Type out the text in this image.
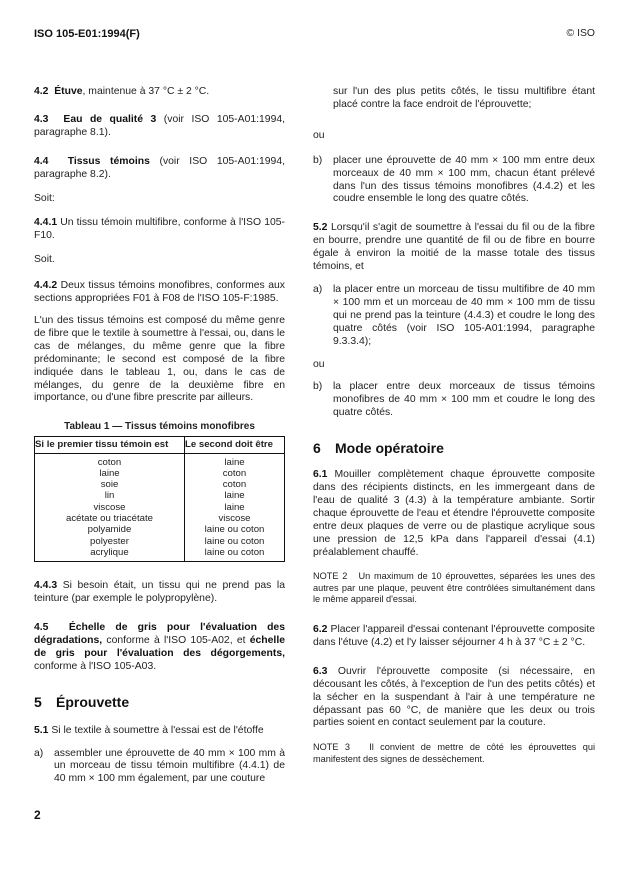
ISO 105-E01:1994(F)	© ISO
4.2 Étuve, maintenue à 37 °C ± 2 °C.
4.3 Eau de qualité 3 (voir ISO 105-A01:1994, paragraphe 8.1).
4.4 Tissus témoins (voir ISO 105-A01:1994, paragraphe 8.2).
Soit:
4.4.1 Un tissu témoin multifibre, conforme à l'ISO 105-F10.
Soit.
4.4.2 Deux tissus témoins monofibres, conformes aux sections appropriées F01 à F08 de l'ISO 105-F:1985.
L'un des tissus témoins est composé du même genre de fibre que le textile à soumettre à l'essai, ou, dans le cas de mélanges, du même genre que la fibre prédominante; le second est composé de la fibre indiquée dans le tableau 1, ou, dans le cas de mélanges, du genre de la deuxième fibre en importance, ou d'une fibre prescrite par ailleurs.
Tableau 1 — Tissus témoins monofibres
Si le premier tissu témoin est	Le second doit être
coton	laine
laine	coton
soie	coton
lin	laine
viscose	laine
acétate ou triacétate	viscose
polyamide	laine ou coton
polyester	laine ou coton
acrylique	laine ou coton
4.4.3 Si besoin était, un tissu qui ne prend pas la teinture (par exemple le polypropylène).
4.5 Échelle de gris pour l'évaluation des dégradations, conforme à l'ISO 105-A02, et échelle de gris pour l'évaluation des dégorgements, conforme à l'ISO 105-A03.
5 Éprouvette
5.1 Si le textile à soumettre à l'essai est de l'étoffe
a) assembler une éprouvette de 40 mm × 100 mm à un morceau de tissu témoin multifibre (4.4.1) de 40 mm × 100 mm également, par une couture
2
sur l'un des plus petits côtés, le tissu multifibre étant placé contre la face endroit de l'éprouvette;
ou
b) placer une éprouvette de 40 mm × 100 mm entre deux morceaux de 40 mm × 100 mm, chacun étant prélevé dans l'un des tissus témoins monofibres (4.4.2) et les coudre ensemble le long des quatre côtés.
5.2 Lorsqu'il s'agit de soumettre à l'essai du fil ou de la fibre en bourre, prendre une quantité de fil ou de fibre en bourre égale à environ la moitié de la masse totale des tissus témoins, et
a) la placer entre un morceau de tissu multifibre de 40 mm × 100 mm et un morceau de 40 mm × 100 mm de tissu qui ne prend pas la teinture (4.4.3) et coudre le long des quatre côtés (voir ISO 105-A01:1994, paragraphe 9.3.3.4);
ou
b) la placer entre deux morceaux de tissus témoins monofibres de 40 mm × 100 mm et coudre le long des quatre côtés.
6 Mode opératoire
6.1 Mouiller complètement chaque éprouvette composite dans des récipients distincts, en les immergeant dans de l'eau de qualité 3 (4.3) à la température ambiante. Sortir chaque éprouvette de l'eau et étendre l'éprouvette composite entre deux plaques de verre ou de plastique acrylique sous une pression de 12,5 kPa dans l'appareil d'essai (4.1) préalablement chauffé.
NOTE 2 Un maximum de 10 éprouvettes, séparées les unes des autres par une plaque, peuvent être contrôlées simultanément dans le même appareil d'essai.
6.2 Placer l'appareil d'essai contenant l'éprouvette composite dans l'étuve (4.2) et l'y laisser séjourner 4 h à 37 °C ± 2 °C.
6.3 Ouvrir l'éprouvette composite (si nécessaire, en décousant les côtés, à l'exception de l'un des petits côtés) et la sécher en la suspendant à l'air à une température ne dépassant pas 60 °C, de manière que les deux ou trois parties soient en contact seulement par la couture.
NOTE 3 Il convient de mettre de côté les éprouvettes qui manifestent des signes de dessèchement.
